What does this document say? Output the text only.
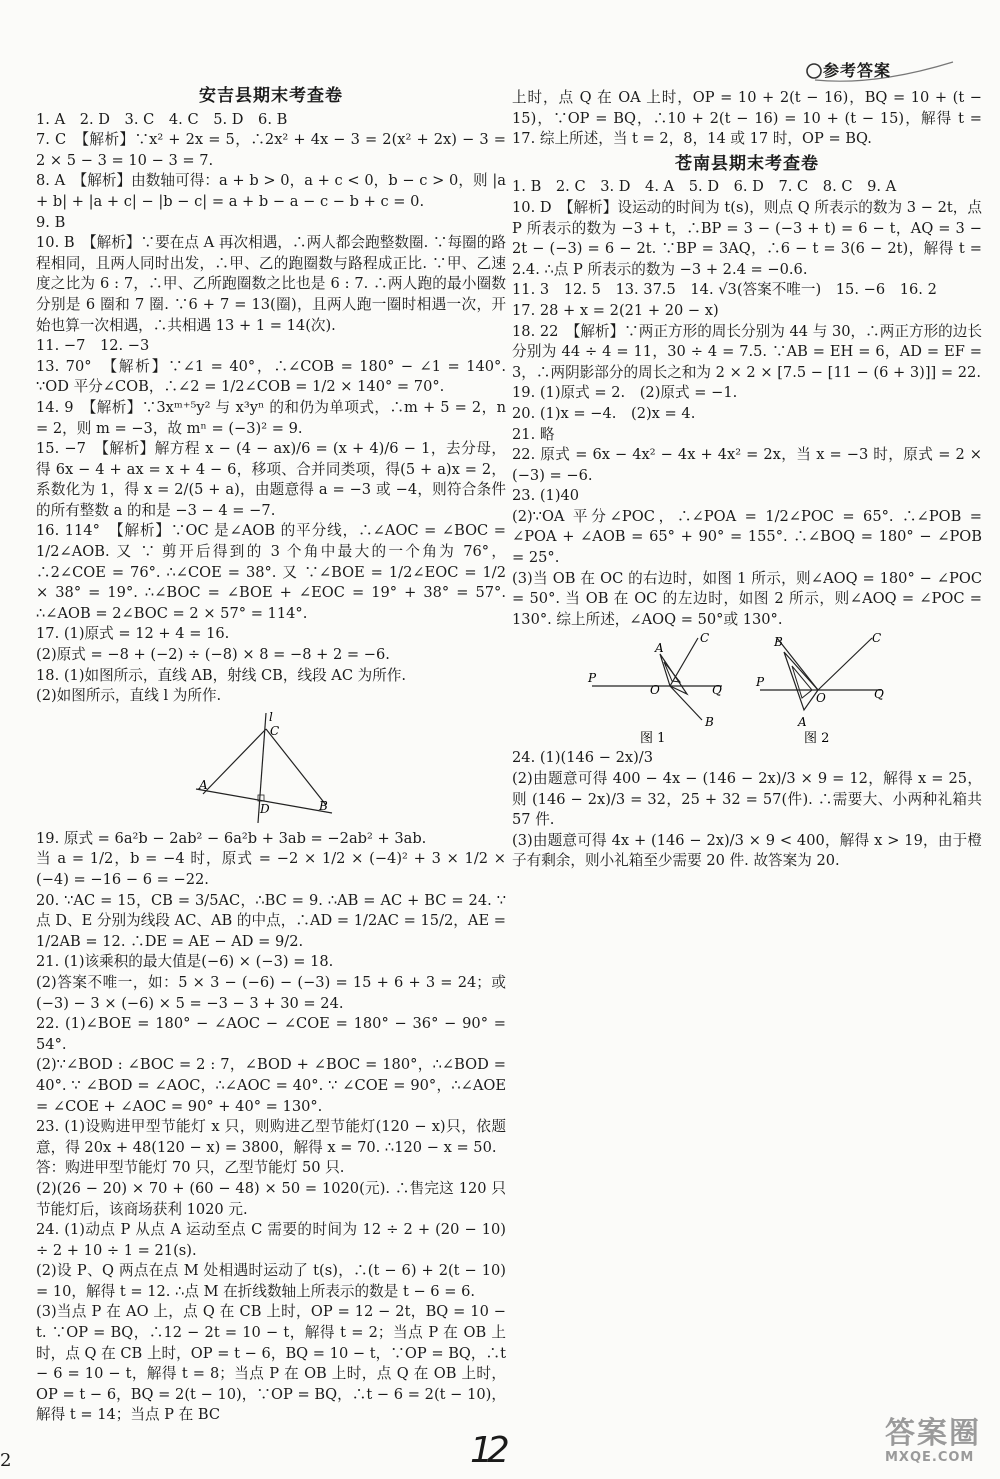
参考答案
安吉县期末考查卷

1. A　2. D　3. C　4. C　5. D　6. B

7. C　【解析】∵x² + 2x = 5，∴2x² + 4x − 3 = 2(x² + 2x) − 3 = 2 × 5 − 3 = 10 − 3 = 7.

8. A　【解析】由数轴可得：a + b > 0，a + c < 0，b − c > 0，则 |a + b| + |a + c| − |b − c| = a + b − a − c − b + c = 0.

9. B

10. B　【解析】∵要在点 A 再次相遇，∴两人都会跑整数圈. ∵每圈的路程相同，且两人同时出发，∴甲、乙的跑圈数与路程成正比. ∵甲、乙速度之比为 6 : 7，∴甲、乙所跑圈数之比也是 6 : 7. ∴两人跑的最小圈数分别是 6 圈和 7 圈. ∵6 + 7 = 13(圈)，且两人跑一圈时相遇一次，开始也算一次相遇，∴共相遇 13 + 1 = 14(次).

11. −7　12. −3

13. 70°　【解析】∵∠1 = 40°，∴∠COB = 180° − ∠1 = 140°. ∵OD 平分∠COB，∴∠2 = 1/2∠COB = 1/2 × 140° = 70°.

14. 9　【解析】∵3xᵐ⁺⁵y² 与 x³yⁿ 的和仍为单项式，∴m + 5 = 2，n = 2，则 m = −3，故 mⁿ = (−3)² = 9.

15. −7　【解析】解方程 x − (4 − ax)/6 = (x + 4)/6 − 1，去分母，得 6x − 4 + ax = x + 4 − 6，移项、合并同类项，得(5 + a)x = 2，系数化为 1，得 x = 2/(5 + a)，由题意得 a = −3 或 −4，则符合条件的所有整数 a 的和是 −3 − 4 = −7.

16. 114°　【解析】∵OC 是∠AOB 的平分线，∴∠AOC = ∠BOC = 1/2∠AOB. 又 ∵ 剪开后得到的 3 个角中最大的一个角为 76°，∴2∠COE = 76°. ∴∠COE = 38°. 又 ∵∠BOE = 1/2∠EOC = 1/2 × 38° = 19°. ∴∠BOC = ∠BOE + ∠EOC = 19° + 38° = 57°. ∴∠AOB = 2∠BOC = 2 × 57° = 114°.

17. (1)原式 = 12 + 4 = 16.

(2)原式 = −8 + (−2) ÷ (−8) × 8 = −8 + 2 = −6.

18. (1)如图所示，直线 AB，射线 CB，线段 AC 为所作.

(2)如图所示，直线 l 为所作.

l
C
A
D	B

19. 原式 = 6a²b − 2ab² − 6a²b + 3ab = −2ab² + 3ab.

当 a = 1/2，b = −4 时，原式 = −2 × 1/2 × (−4)² + 3 × 1/2 × (−4) = −16 − 6 = −22.

20. ∵AC = 15，CB = 3/5AC，∴BC = 9. ∴AB = AC + BC = 24. ∵点 D、E 分别为线段 AC、AB 的中点，∴AD = 1/2AC = 15/2，AE = 1/2AB = 12. ∴DE = AE − AD = 9/2.

21. (1)该乘积的最大值是(−6) × (−3) = 18.

(2)答案不唯一，如：5 × 3 − (−6) − (−3) = 15 + 6 + 3 = 24；或(−3) − 3 × (−6) × 5 = −3 − 3 + 30 = 24.

22. (1)∠BOE = 180° − ∠AOC − ∠COE = 180° − 36° − 90° = 54°.

(2)∵∠BOD : ∠BOC = 2 : 7，∠BOD + ∠BOC = 180°，∴∠BOD = 40°. ∵ ∠BOD = ∠AOC，∴∠AOC = 40°. ∵ ∠COE = 90°，∴∠AOE = ∠COE + ∠AOC = 90° + 40° = 130°.

23. (1)设购进甲型节能灯 x 只，则购进乙型节能灯(120 − x)只，依题意，得 20x + 48(120 − x) = 3800，解得 x = 70. ∴120 − x = 50.

答：购进甲型节能灯 70 只，乙型节能灯 50 只.

(2)(26 − 20) × 70 + (60 − 48) × 50 = 1020(元). ∴售完这 120 只节能灯后，该商场获利 1020 元.

24. (1)动点 P 从点 A 运动至点 C 需要的时间为 12 ÷ 2 + (20 − 10) ÷ 2 + 10 ÷ 1 = 21(s).

(2)设 P、Q 两点在点 M 处相遇时运动了 t(s)，∴(t − 6) + 2(t − 10) = 10，解得 t = 12. ∴点 M 在折线数轴上所表示的数是 t − 6 = 6.

(3)当点 P 在 AO 上，点 Q 在 CB 上时，OP = 12 − 2t，BQ = 10 − t. ∵OP = BQ，∴12 − 2t = 10 − t，解得 t = 2；当点 P 在 OB 上时，点 Q 在 CB 上时，OP = t − 6，BQ = 10 − t，∵OP = BQ，∴t − 6 = 10 − t，解得 t = 8；当点 P 在 OB 上时，点 Q 在 OB 上时，OP = t − 6，BQ = 2(t − 10)，∵OP = BQ，∴t − 6 = 2(t − 10)，解得 t = 14；当点 P 在 BC

上时，点 Q 在 OA 上时，OP = 10 + 2(t − 16)，BQ = 10 + (t − 15)，∵OP = BQ，∴10 + 2(t − 16) = 10 + (t − 15)，解得 t = 17. 综上所述，当 t = 2，8，14 或 17 时，OP = BQ.

苍南县期末考查卷

1. B　2. C　3. D　4. A　5. D　6. D　7. C　8. C　9. A

10. D　【解析】设运动的时间为 t(s)，则点 Q 所表示的数为 3 − 2t，点 P 所表示的数为 −3 + t，∴BP = 3 − (−3 + t) = 6 − t，AQ = 3 − 2t − (−3) = 6 − 2t. ∵BP = 3AQ，∴6 − t = 3(6 − 2t)，解得 t = 2.4. ∴点 P 所表示的数为 −3 + 2.4 = −0.6.

11. 3　12. 5　13. 37.5　14. √3(答案不唯一)　15. −6　16. 2

17. 28 + x = 2(21 + 20 − x)

18. 22　【解析】∵两正方形的周长分别为 44 与 30，∴两正方形的边长分别为 44 ÷ 4 = 11，30 ÷ 4 = 7.5. ∵AB = EH = 6，AD = EF = 3，∴两阴影部分的周长之和为 2 × 2 × [7.5 − [11 − (6 + 3)]] = 22.

19. (1)原式 = 2.　(2)原式 = −1.

20. (1)x = −4.　(2)x = 4.

21. 略

22. 原式 = 6x − 4x² − 4x + 4x² = 2x，当 x = −3 时，原式 = 2 × (−3) = −6.

23. (1)40

(2)∵OA 平分∠POC，∴∠POA = 1/2∠POC = 65°. ∴∠POB = ∠POA + ∠AOB = 65° + 90° = 155°. ∴∠BOQ = 180° − ∠POB = 25°.

(3)当 OB 在 OC 的右边时，如图 1 所示，则∠AOQ = 180° − ∠POC = 50°. 当 OB 在 OC 的左边时，如图 2 所示，则∠AOQ = ∠POC = 130°. 综上所述，∠AOQ = 50°或 130°.

P
O	Q
A
C
B
图 1
P
O	Q
B	C
A
图 2

24. (1)(146 − 2x)/3

(2)由题意可得 400 − 4x − (146 − 2x)/3 × 9 = 12，解得 x = 25，则 (146 − 2x)/3 = 32，25 + 32 = 57(件). ∴需要大、小两种礼箱共 57 件.

(3)由题意可得 4x + (146 − 2x)/3 × 9 < 400，解得 x > 19，由于橙子有剩余，则小礼箱至少需要 20 件. 故答案为 20.

2	12	答案圈
MXQE.COM
